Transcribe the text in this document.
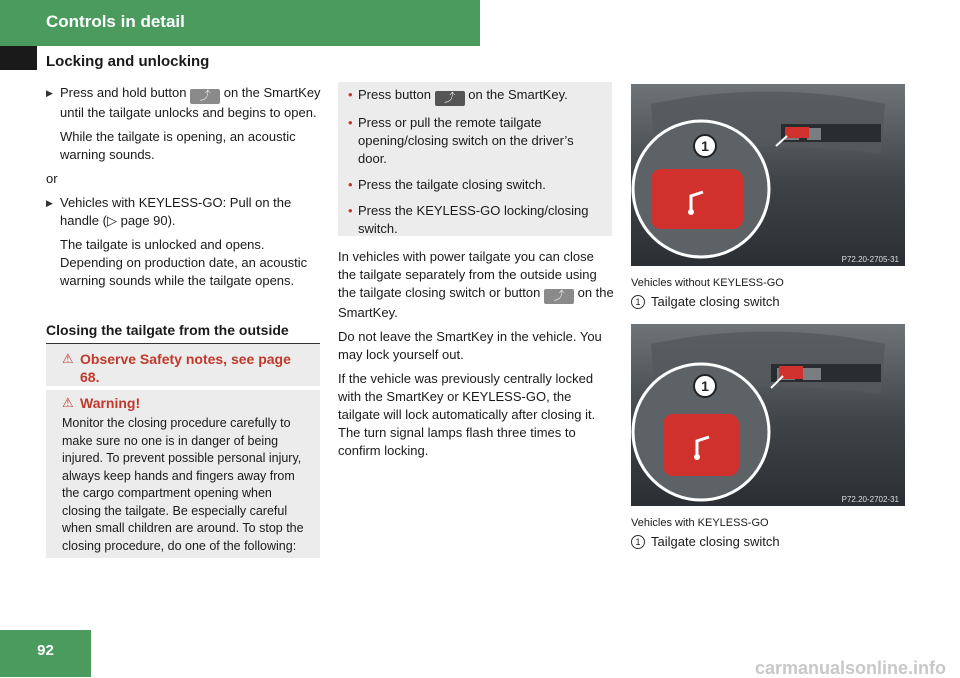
Controls in detail
Locking and unlocking
▶ Press and hold button ⤴ on the SmartKey until the tailgate unlocks and begins to open.
While the tailgate is opening, an acoustic warning sounds.
or
▶ Vehicles with KEYLESS-GO: Pull on the handle (▷ page 90).
The tailgate is unlocked and opens. Depending on production date, an acoustic warning sounds while the tailgate opens.
Closing the tailgate from the outside
⚠ Observe Safety notes, see page 68.
⚠ Warning!
Monitor the closing procedure carefully to make sure no one is in danger of being injured. To prevent possible personal injury, always keep hands and fingers away from the cargo compartment opening when closing the tailgate. Be especially careful when small children are around. To stop the closing procedure, do one of the following:
• Press button ⤴ on the SmartKey.
• Press or pull the remote tailgate opening/closing switch on the driver’s door.
• Press the tailgate closing switch.
• Press the KEYLESS-GO locking/closing switch.
In vehicles with power tailgate you can close the tailgate separately from the outside using the tailgate closing switch or button ⤴ on the SmartKey.
Do not leave the SmartKey in the vehicle. You may lock yourself out.
If the vehicle was previously centrally locked with the SmartKey or KEYLESS-GO, the tailgate will lock automatically after closing it. The turn signal lamps flash three times to confirm locking.
1
P72.20-2705-31
Vehicles without KEYLESS-GO
1 Tailgate closing switch
1
P72.20-2702-31
Vehicles with KEYLESS-GO
1 Tailgate closing switch
92
carmanualsonline.info
